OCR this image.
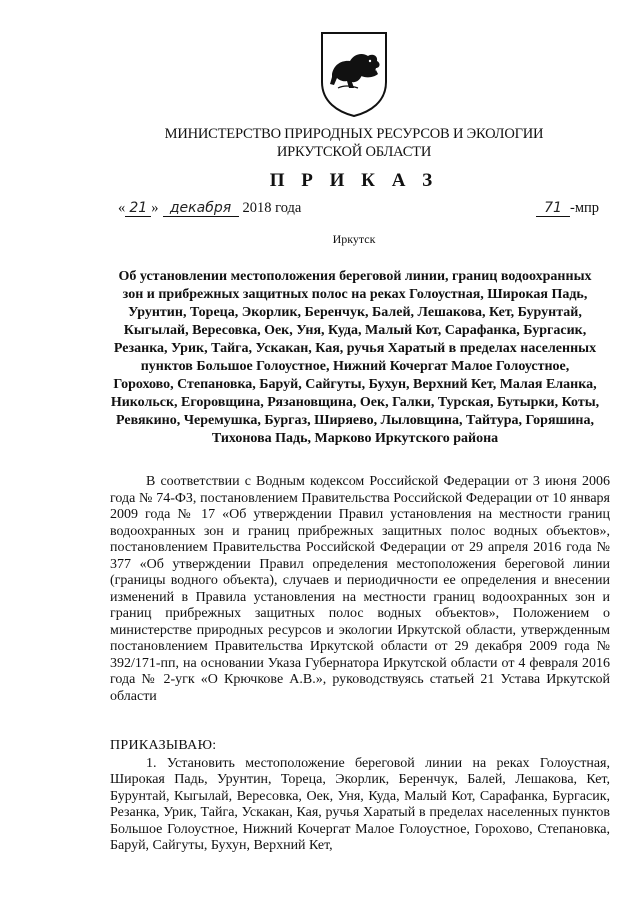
МИНИСТЕРСТВО ПРИРОДНЫХ РЕСУРСОВ И ЭКОЛОГИИ
ИРКУТСКОЙ ОБЛАСТИ
П Р И К А З
« 21 » декабря 2018 года	71 -мпр
Иркутск
Об установлении местоположения береговой линии, границ водоохранных зон и прибрежных защитных полос на реках Голоустная, Широкая Падь, Урунтин, Тореца, Экорлик, Беренчук, Балей, Лешакова, Кет, Бурунтай, Кыгылай, Вересовка, Оек, Уня, Куда, Малый Кот, Сарафанка, Бургасик, Резанка, Урик, Тайга, Ускакан, Кая, ручья Харатый в пределах населенных пунктов Большое Голоустное, Нижний Кочергат Малое Голоустное, Горохово, Степановка, Баруй, Сайгуты, Бухун, Верхний Кет, Малая Еланка, Никольск, Егоровщина, Рязановщина, Оек, Галки, Турская, Бутырки, Коты, Ревякино, Черемушка, Бургаз, Ширяево, Лыловщина, Тайтура, Горяшина, Тихонова Падь, Марково Иркутского района
В соответствии с Водным кодексом Российской Федерации от 3 июня 2006 года № 74-ФЗ, постановлением Правительства Российской Федерации от 10 января 2009 года № 17 «Об утверждении Правил установления на местности границ водоохранных зон и границ прибрежных защитных полос водных объектов», постановлением Правительства Российской Федерации от 29 апреля 2016 года № 377 «Об утверждении Правил определения местоположения береговой линии (границы водного объекта), случаев и периодичности ее определения и внесении изменений в Правила установления на местности границ водоохранных зон и границ прибрежных защитных полос водных объектов», Положением о министерстве природных ресурсов и экологии Иркутской области, утвержденным постановлением Правительства Иркутской области от 29 декабря 2009 года № 392/171-пп, на основании Указа Губернатора Иркутской области от 4 февраля 2016 года № 2-угк «О Крючкове А.В.», руководствуясь статьей 21 Устава Иркутской области
ПРИКАЗЫВАЮ:
1. Установить местоположение береговой линии на реках Голоустная, Широкая Падь, Урунтин, Тореца, Экорлик, Беренчук, Балей, Лешакова, Кет, Бурунтай, Кыгылай, Вересовка, Оек, Уня, Куда, Малый Кот, Сарафанка, Бургасик, Резанка, Урик, Тайга, Ускакан, Кая, ручья Харатый в пределах населенных пунктов Большое Голоустное, Нижний Кочергат Малое Голоустное, Горохово, Степановка, Баруй, Сайгуты, Бухун, Верхний Кет,
